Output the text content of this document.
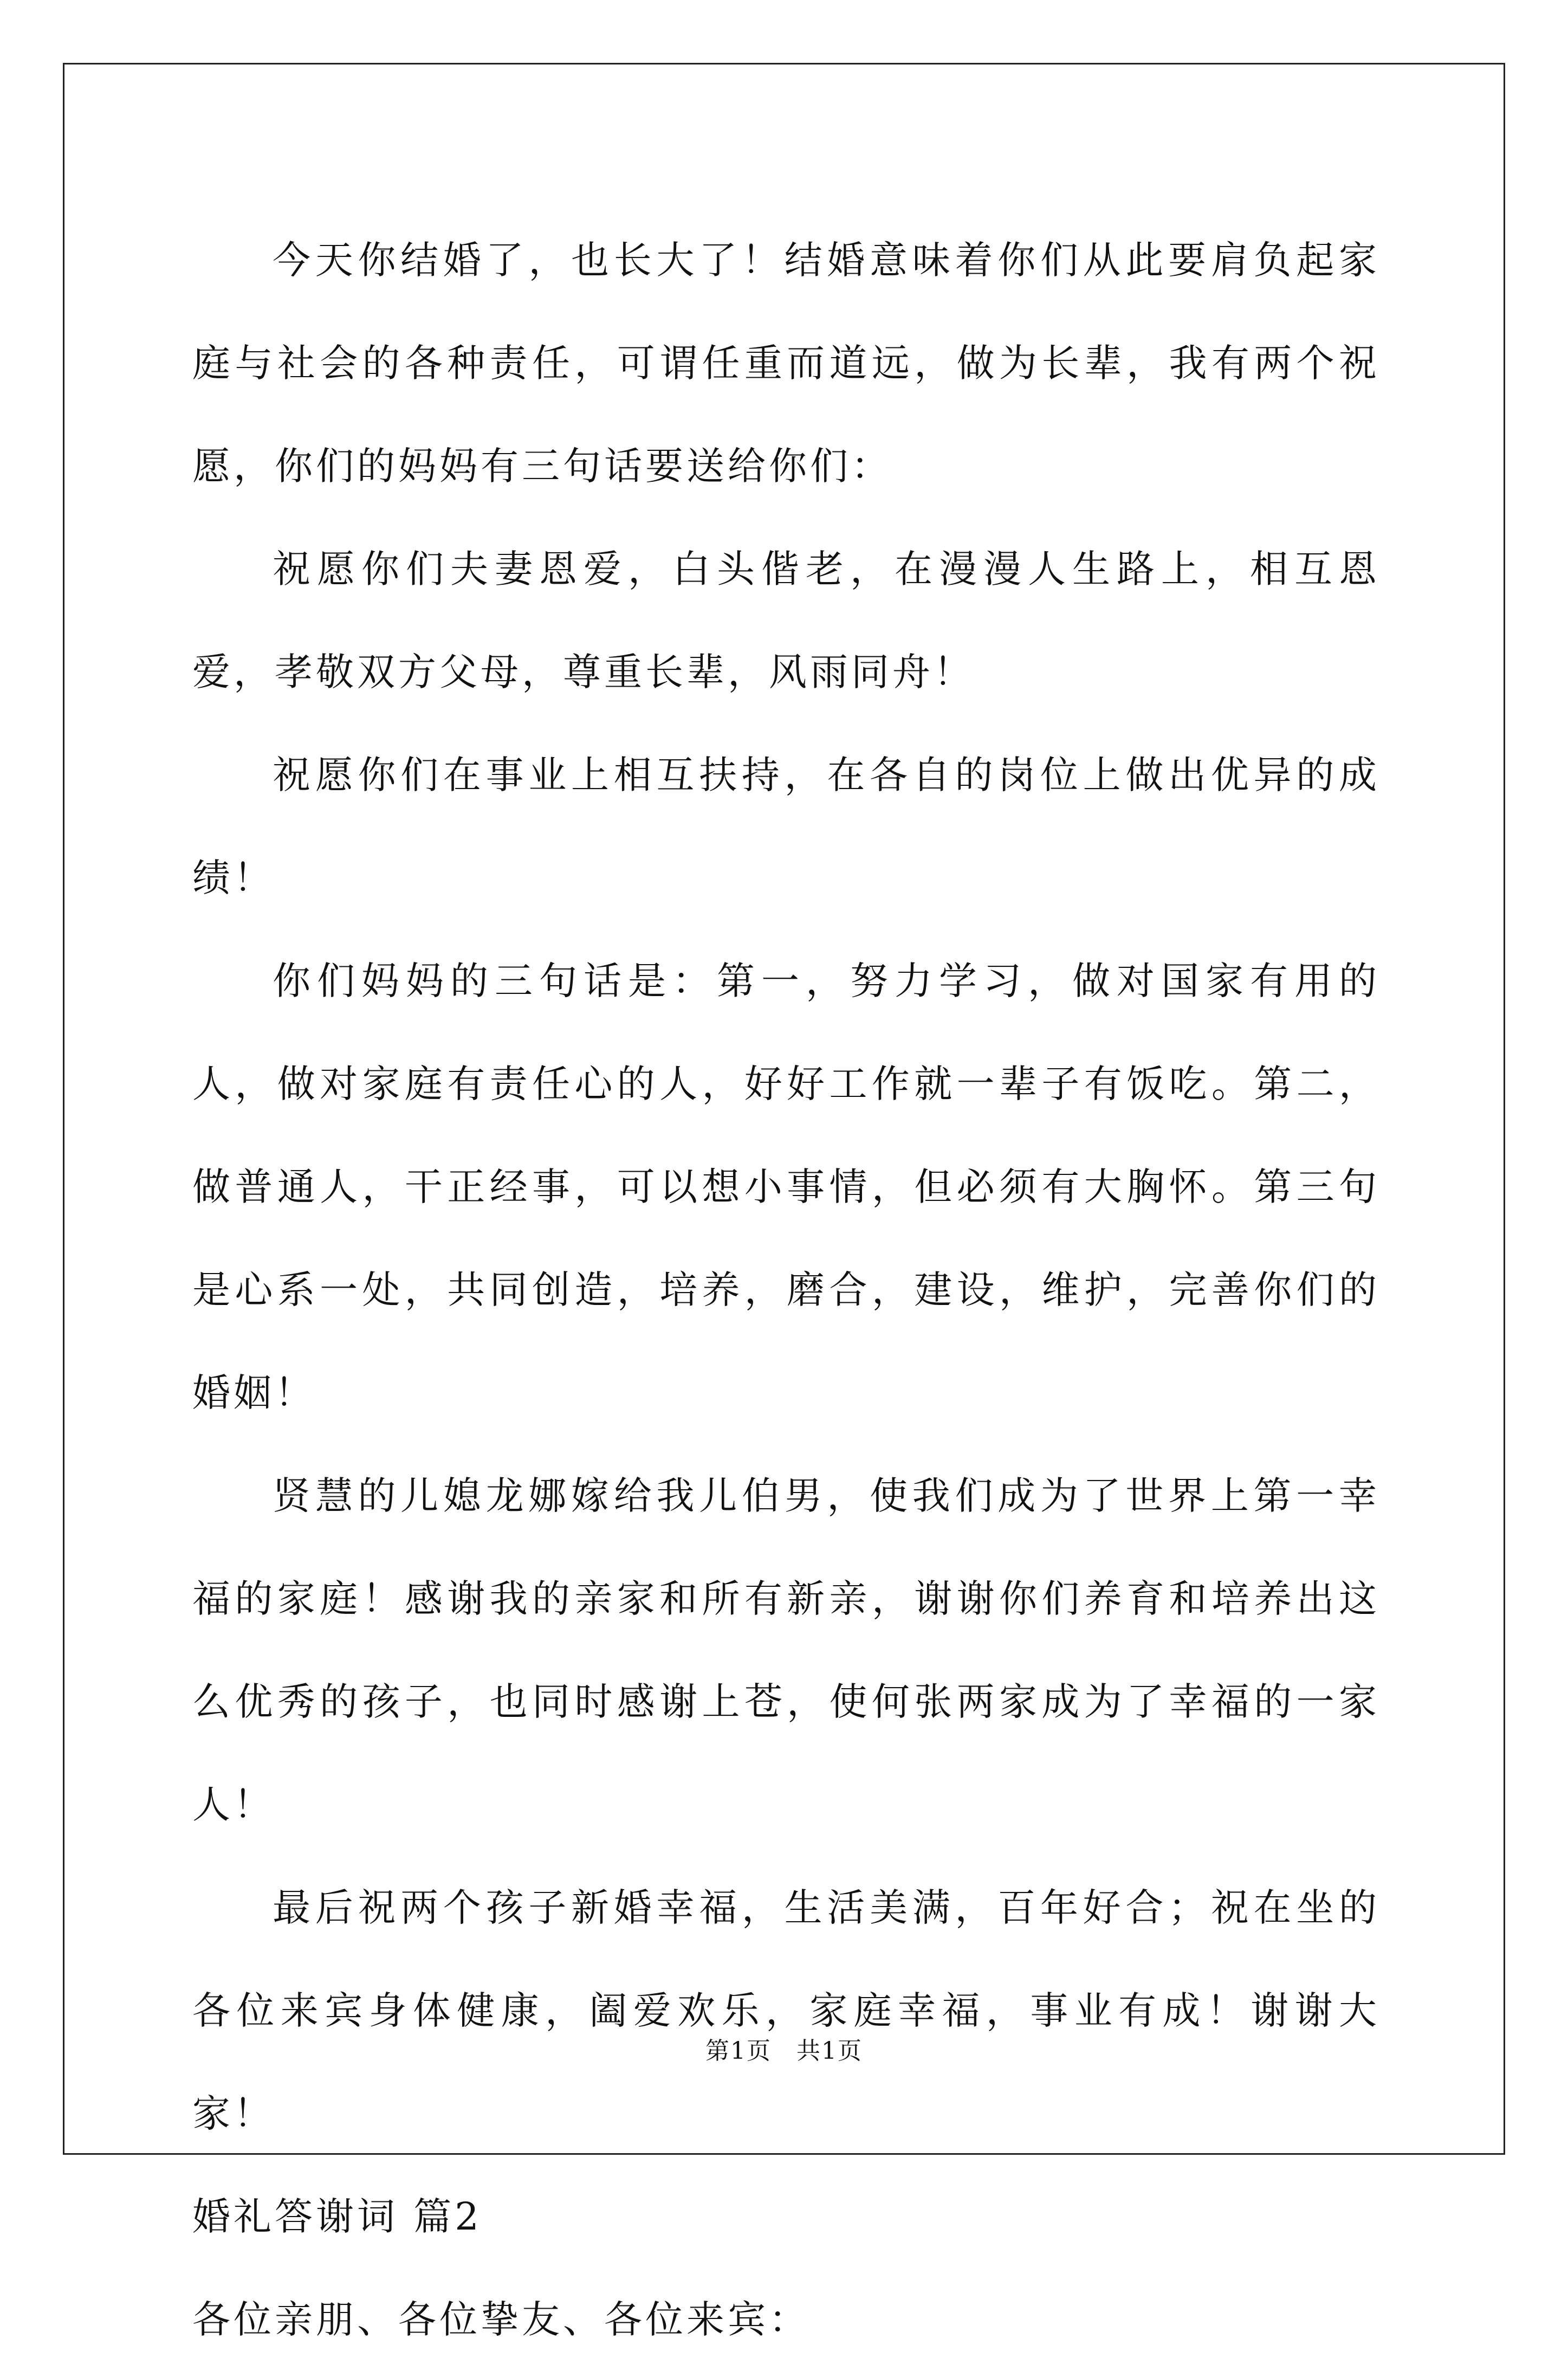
今天你结婚了，也长大了！结婚意味着你们从此要肩负起家庭与社会的各种责任，可谓任重而道远，做为长辈，我有两个祝愿，你们的妈妈有三句话要送给你们：

祝愿你们夫妻恩爱，白头偕老，在漫漫人生路上，相互恩爱，孝敬双方父母，尊重长辈，风雨同舟！

祝愿你们在事业上相互扶持，在各自的岗位上做出优异的成绩！

你们妈妈的三句话是：第一，努力学习，做对国家有用的人，做对家庭有责任心的人，好好工作就一辈子有饭吃。第二，做普通人，干正经事，可以想小事情，但必须有大胸怀。第三句是心系一处，共同创造，培养，磨合，建设，维护，完善你们的婚姻！

贤慧的儿媳龙娜嫁给我儿伯男，使我们成为了世界上第一幸福的家庭！感谢我的亲家和所有新亲，谢谢你们养育和培养出这么优秀的孩子，也同时感谢上苍，使何张两家成为了幸福的一家人！

最后祝两个孩子新婚幸福，生活美满，百年好合；祝在坐的各位来宾身体健康，阖爱欢乐，家庭幸福，事业有成！谢谢大家！

婚礼答谢词 篇2

各位亲朋、各位挚友、各位来宾：

第1页　共1页
